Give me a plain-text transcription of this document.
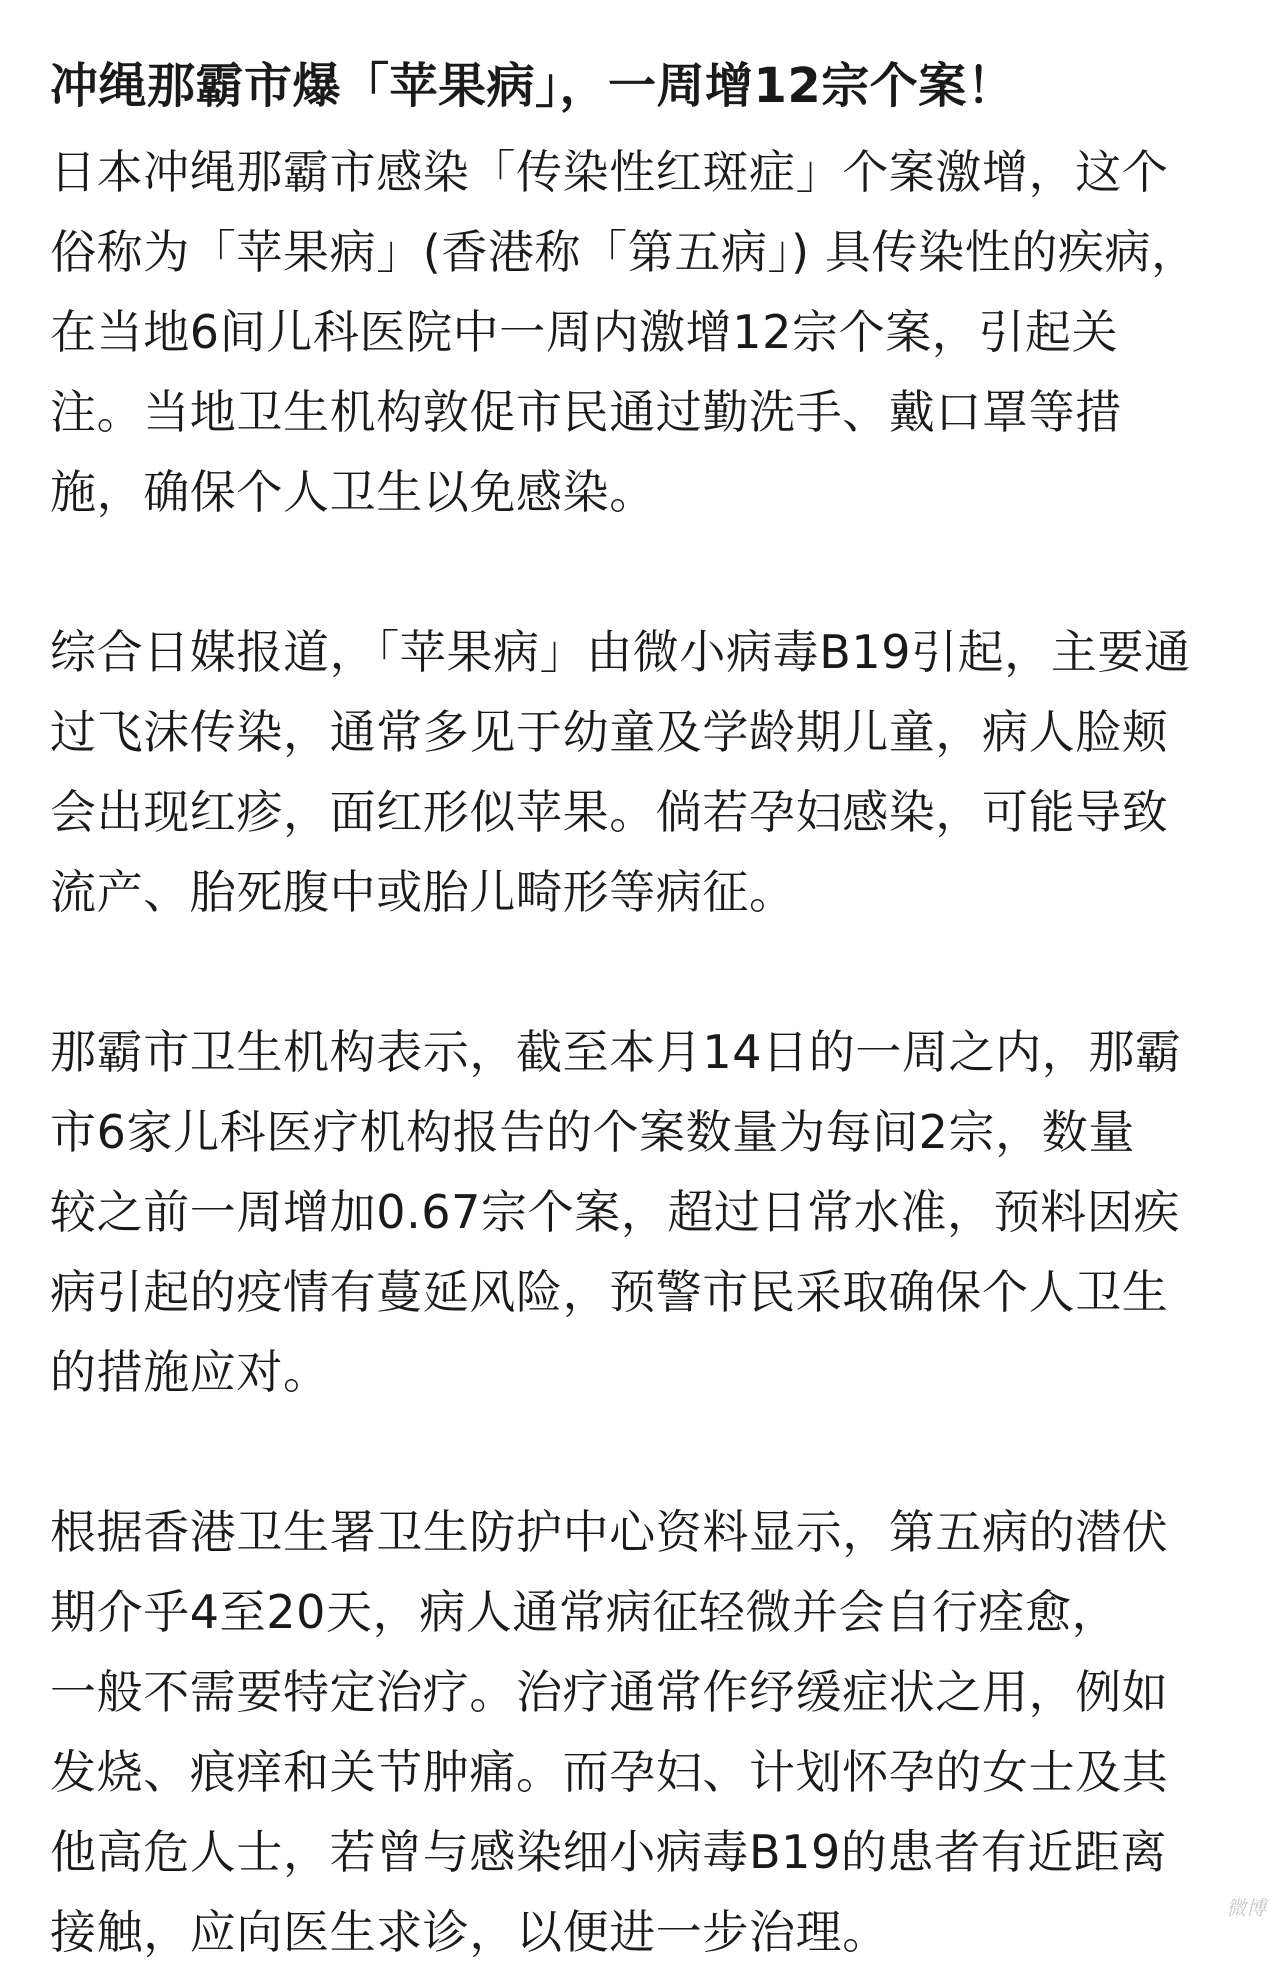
冲绳那霸市爆「苹果病」，一周增12宗个案！
日本冲绳那霸市感染「传染性红斑症」个案激增，这个
俗称为「苹果病」(香港称「第五病」) 具传染性的疾病，
在当地6间儿科医院中一周内激增12宗个案，引起关
注。当地卫生机构敦促市民通过勤洗手、戴口罩等措
施，确保个人卫生以免感染。
综合日媒报道，「苹果病」由微小病毒B19引起，主要通
过飞沫传染，通常多见于幼童及学龄期儿童，病人脸颊
会出现红疹，面红形似苹果。倘若孕妇感染，可能导致
流产、胎死腹中或胎儿畸形等病征。
那霸市卫生机构表示，截至本月14日的一周之内，那霸
市6家儿科医疗机构报告的个案数量为每间2宗，数量
较之前一周增加0.67宗个案，超过日常水准，预料因疾
病引起的疫情有蔓延风险，预警市民采取确保个人卫生
的措施应对。
根据香港卫生署卫生防护中心资料显示，第五病的潜伏
期介乎4至20天，病人通常病征轻微并会自行痊愈，
一般不需要特定治疗。治疗通常作纾缓症状之用，例如
发烧、痕痒和关节肿痛。而孕妇、计划怀孕的女士及其
他高危人士，若曾与感染细小病毒B19的患者有近距离
接触，应向医生求诊，以便进一步治理。	微博
